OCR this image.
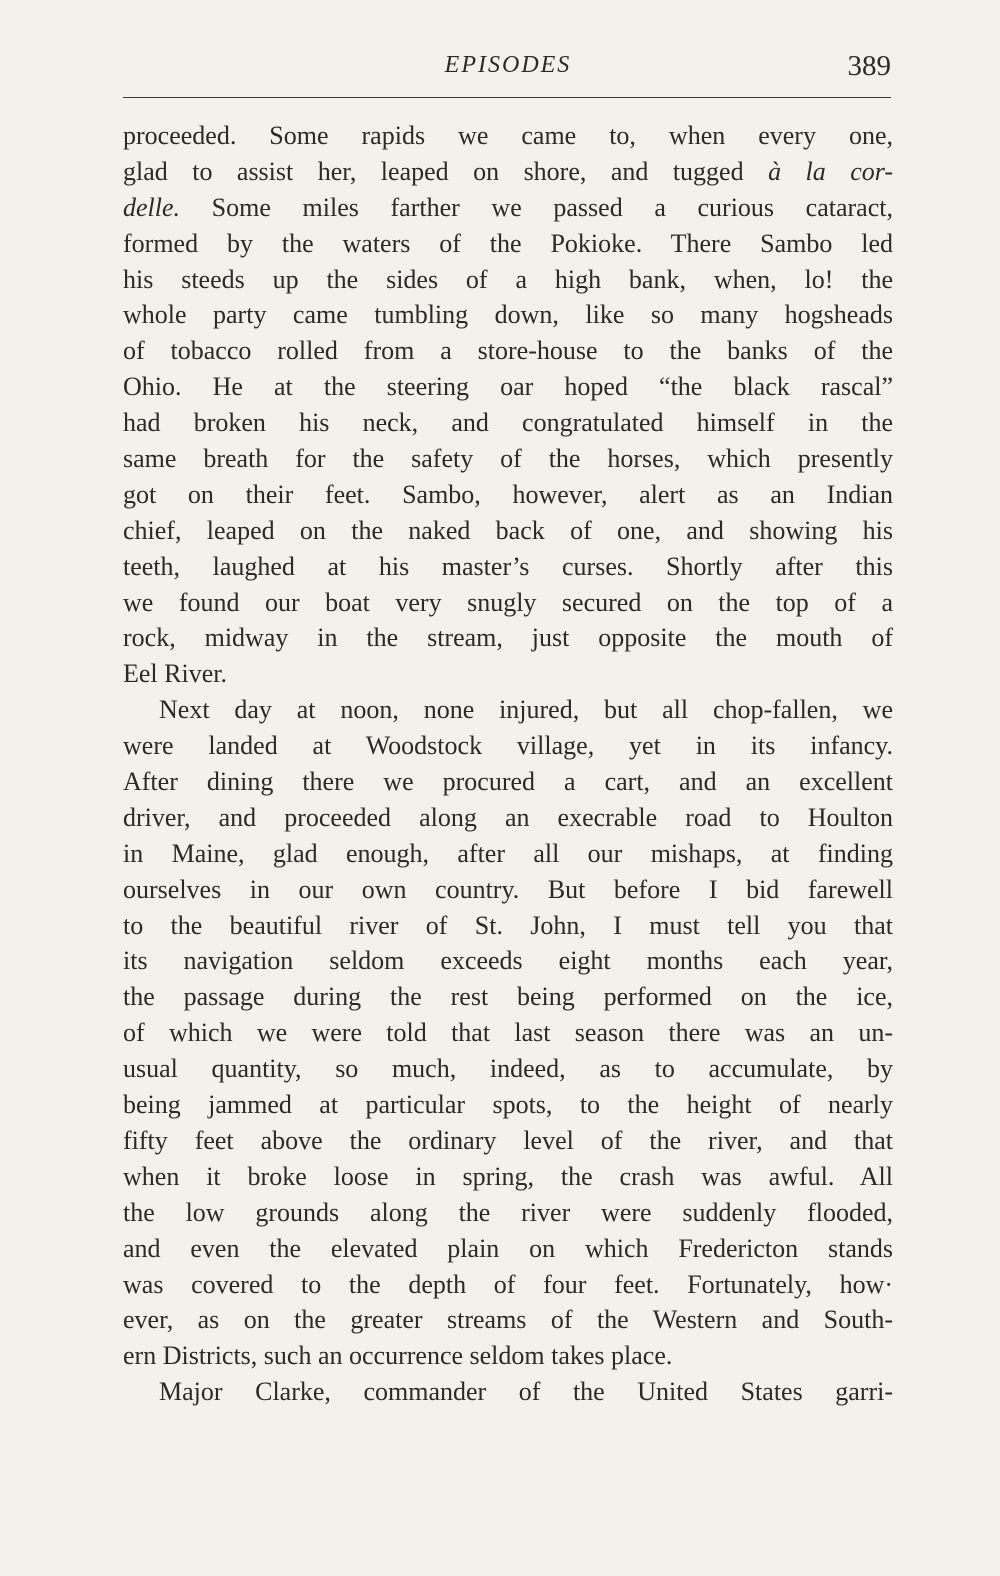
EPISODES	389
proceeded. Some rapids we came to, when every one,
glad to assist her, leaped on shore, and tugged à la cor-
delle. Some miles farther we passed a curious cataract,
formed by the waters of the Pokioke. There Sambo led
his steeds up the sides of a high bank, when, lo! the
whole party came tumbling down, like so many hogsheads
of tobacco rolled from a store-house to the banks of the
Ohio. He at the steering oar hoped “the black rascal”
had broken his neck, and congratulated himself in the
same breath for the safety of the horses, which presently
got on their feet. Sambo, however, alert as an Indian
chief, leaped on the naked back of one, and showing his
teeth, laughed at his master’s curses. Shortly after this
we found our boat very snugly secured on the top of a
rock, midway in the stream, just opposite the mouth of
Eel River.
Next day at noon, none injured, but all chop-fallen, we
were landed at Woodstock village, yet in its infancy.
After dining there we procured a cart, and an excellent
driver, and proceeded along an execrable road to Houlton
in Maine, glad enough, after all our mishaps, at finding
ourselves in our own country. But before I bid farewell
to the beautiful river of St. John, I must tell you that
its navigation seldom exceeds eight months each year,
the passage during the rest being performed on the ice,
of which we were told that last season there was an un-
usual quantity, so much, indeed, as to accumulate, by
being jammed at particular spots, to the height of nearly
fifty feet above the ordinary level of the river, and that
when it broke loose in spring, the crash was awful. All
the low grounds along the river were suddenly flooded,
and even the elevated plain on which Fredericton stands
was covered to the depth of four feet. Fortunately, how·
ever, as on the greater streams of the Western and South-
ern Districts, such an occurrence seldom takes place.
Major Clarke, commander of the United States garri-
